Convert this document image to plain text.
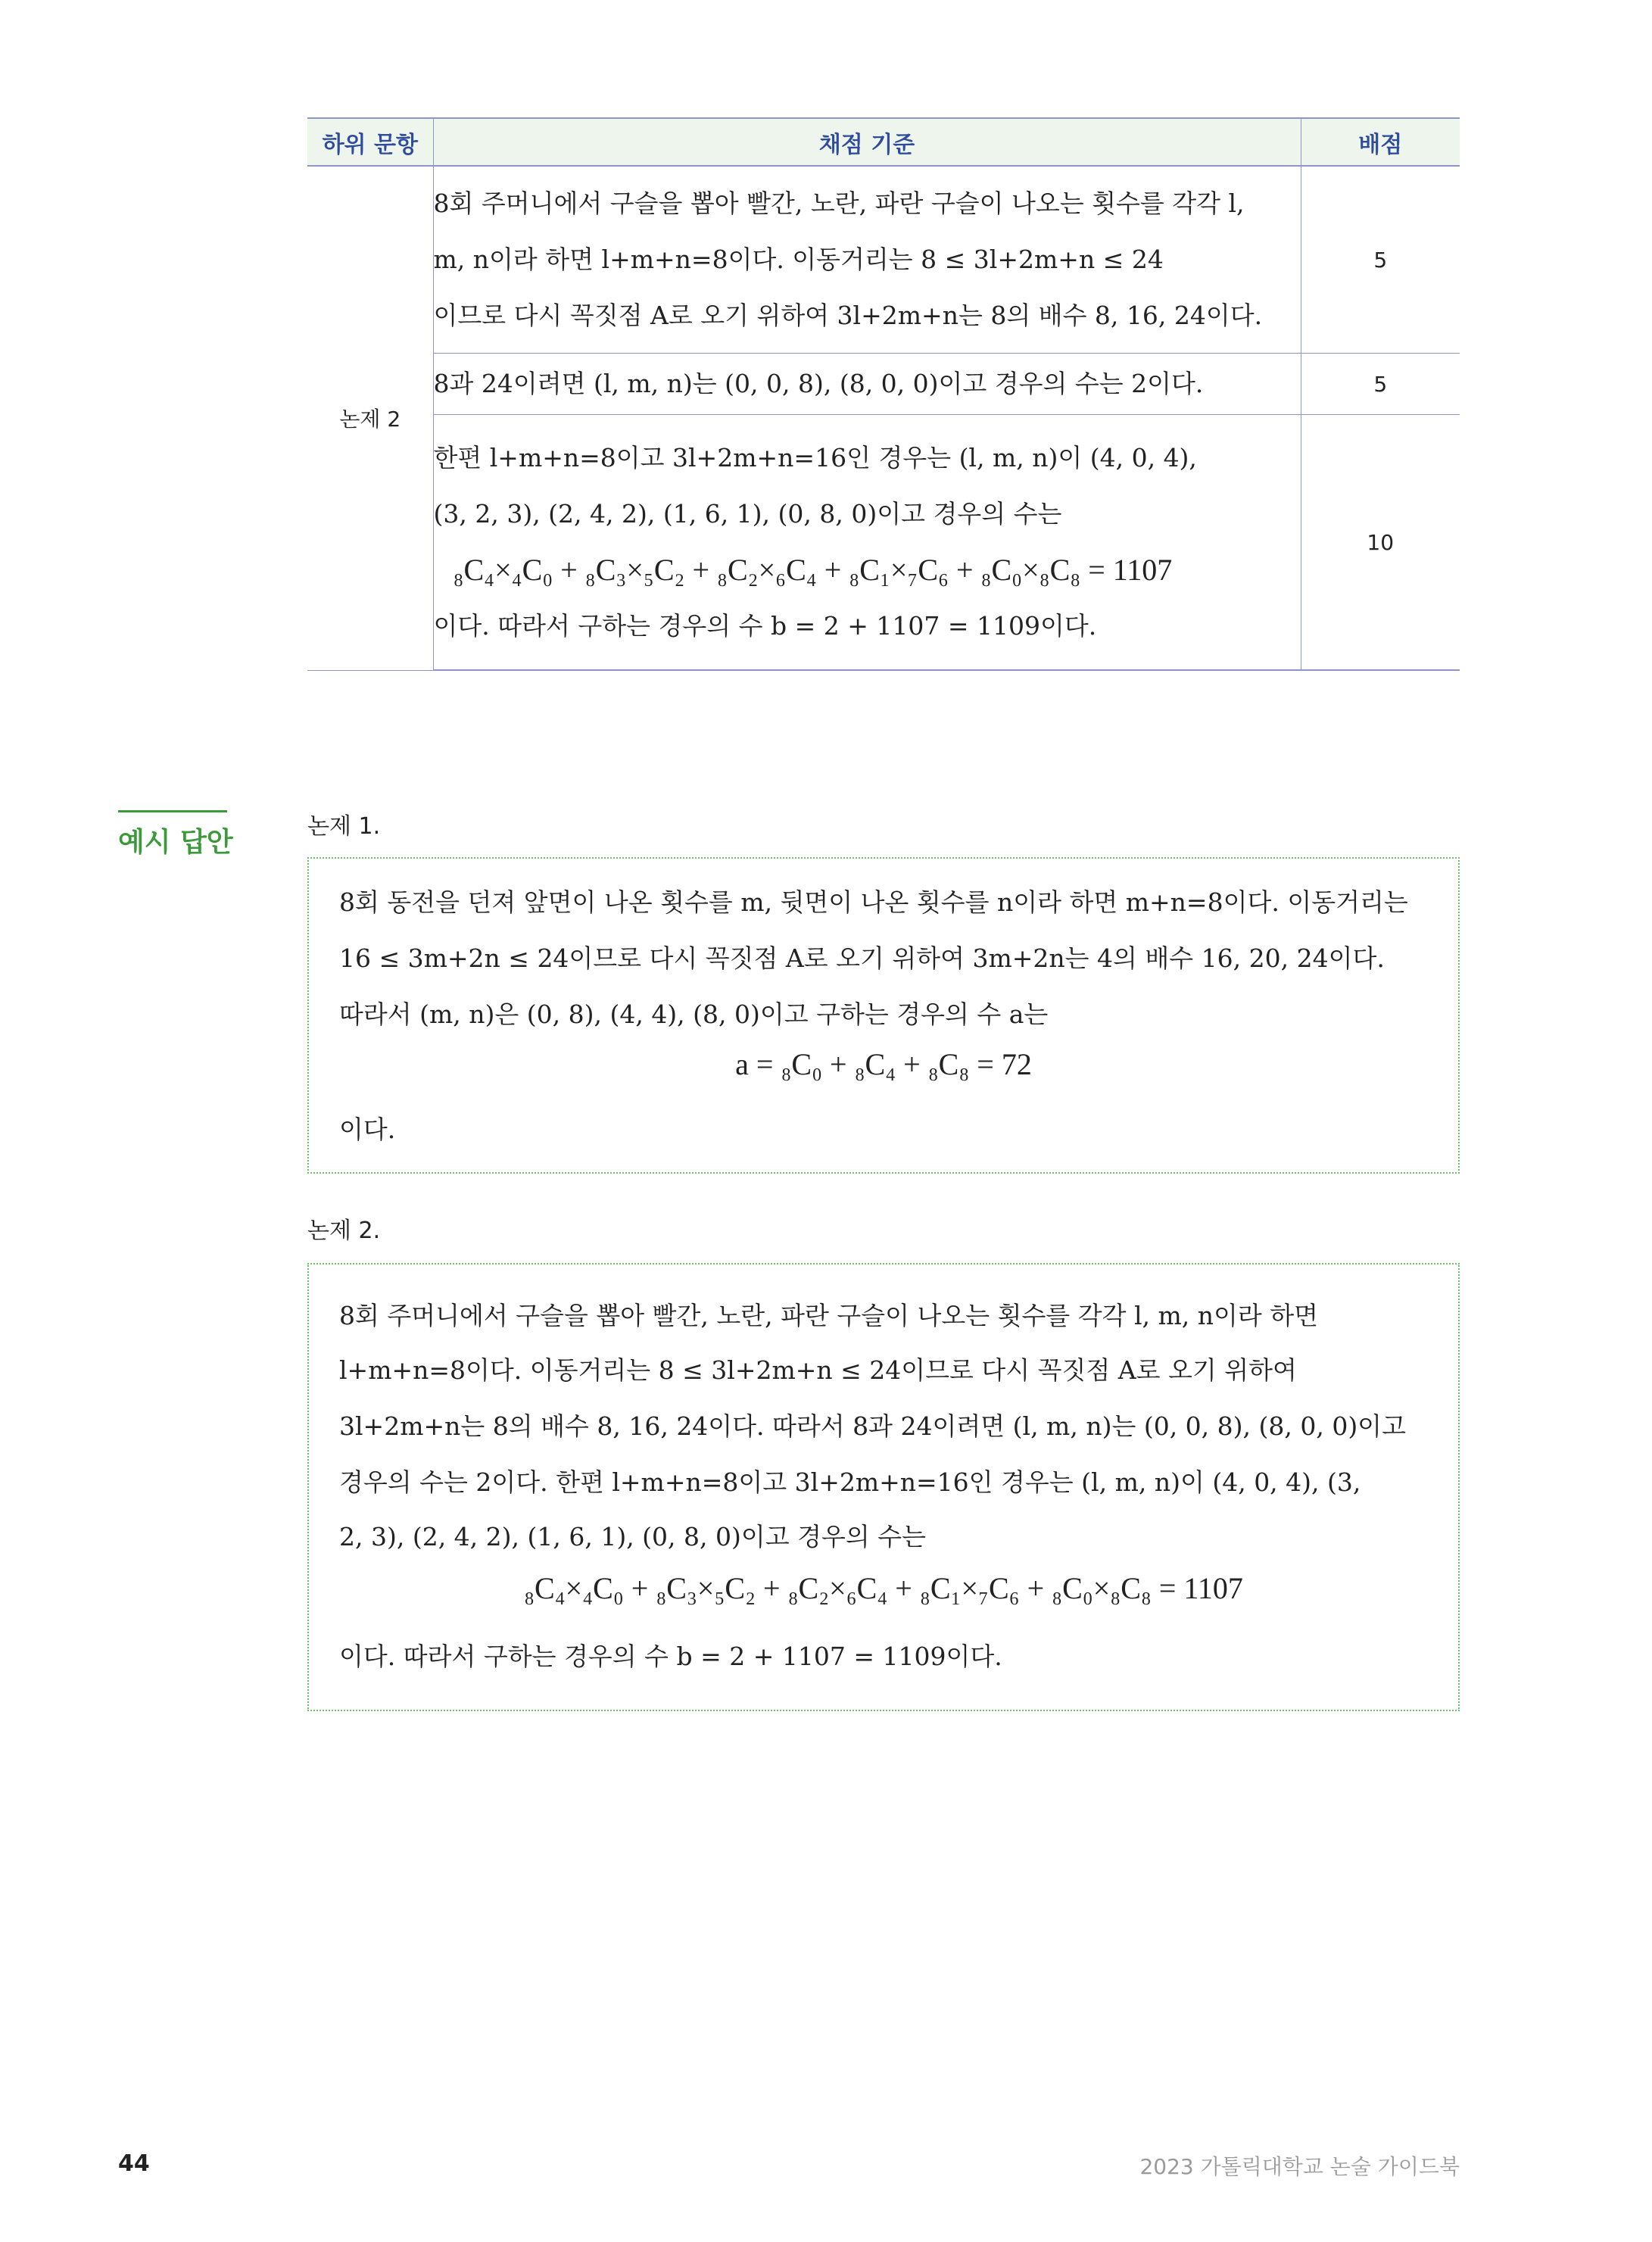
하위 문항	채점 기준	배점
논제 2	8회 주머니에서 구슬을 뽑아 빨간, 노란, 파란 구슬이 나오는 횟수를 각각 l,

m, n이라 하면 l+m+n=8이다. 이동거리는 8 ≤ 3l+2m+n ≤ 24

이므로 다시 꼭짓점 A로 오기 위하여 3l+2m+n는 8의 배수 8, 16, 24이다.	5

	8과 24이려면 (l, m, n)는 (0, 0, 8), (8, 0, 0)이고 경우의 수는 2이다.	5

	한편 l+m+n=8이고 3l+2m+n=16인 경우는 (l, m, n)이 (4, 0, 4),

(3, 2, 3), (2, 4, 2), (1, 6, 1), (0, 8, 0)이고 경우의 수는

₈C₄×₄C₀ + ₈C₃×₅C₂ + ₈C₂×₆C₄ + ₈C₁×₇C₆ + ₈C₀×₈C₈ = 1107

이다. 따라서 구하는 경우의 수 b = 2 + 1107 = 1109이다.	10
예시 답안
논제 1.

8회 동전을 던져 앞면이 나온 횟수를 m, 뒷면이 나온 횟수를 n이라 하면 m+n=8이다. 이동거리는

16 ≤ 3m+2n ≤ 24이므로 다시 꼭짓점 A로 오기 위하여 3m+2n는 4의 배수 16, 20, 24이다.

따라서 (m, n)은 (0, 8), (4, 4), (8, 0)이고 구하는 경우의 수 a는

a = ₈C₀ + ₈C₄ + ₈C₈ = 72

이다.

논제 2.

8회 주머니에서 구슬을 뽑아 빨간, 노란, 파란 구슬이 나오는 횟수를 각각 l, m, n이라 하면

l+m+n=8이다. 이동거리는 8 ≤ 3l+2m+n ≤ 24이므로 다시 꼭짓점 A로 오기 위하여

3l+2m+n는 8의 배수 8, 16, 24이다. 따라서 8과 24이려면 (l, m, n)는 (0, 0, 8), (8, 0, 0)이고

경우의 수는 2이다. 한편 l+m+n=8이고 3l+2m+n=16인 경우는 (l, m, n)이 (4, 0, 4), (3,

2, 3), (2, 4, 2), (1, 6, 1), (0, 8, 0)이고 경우의 수는

₈C₄×₄C₀ + ₈C₃×₅C₂ + ₈C₂×₆C₄ + ₈C₁×₇C₆ + ₈C₀×₈C₈ = 1107

이다. 따라서 구하는 경우의 수 b = 2 + 1107 = 1109이다.

44	2023 가톨릭대학교 논술 가이드북
